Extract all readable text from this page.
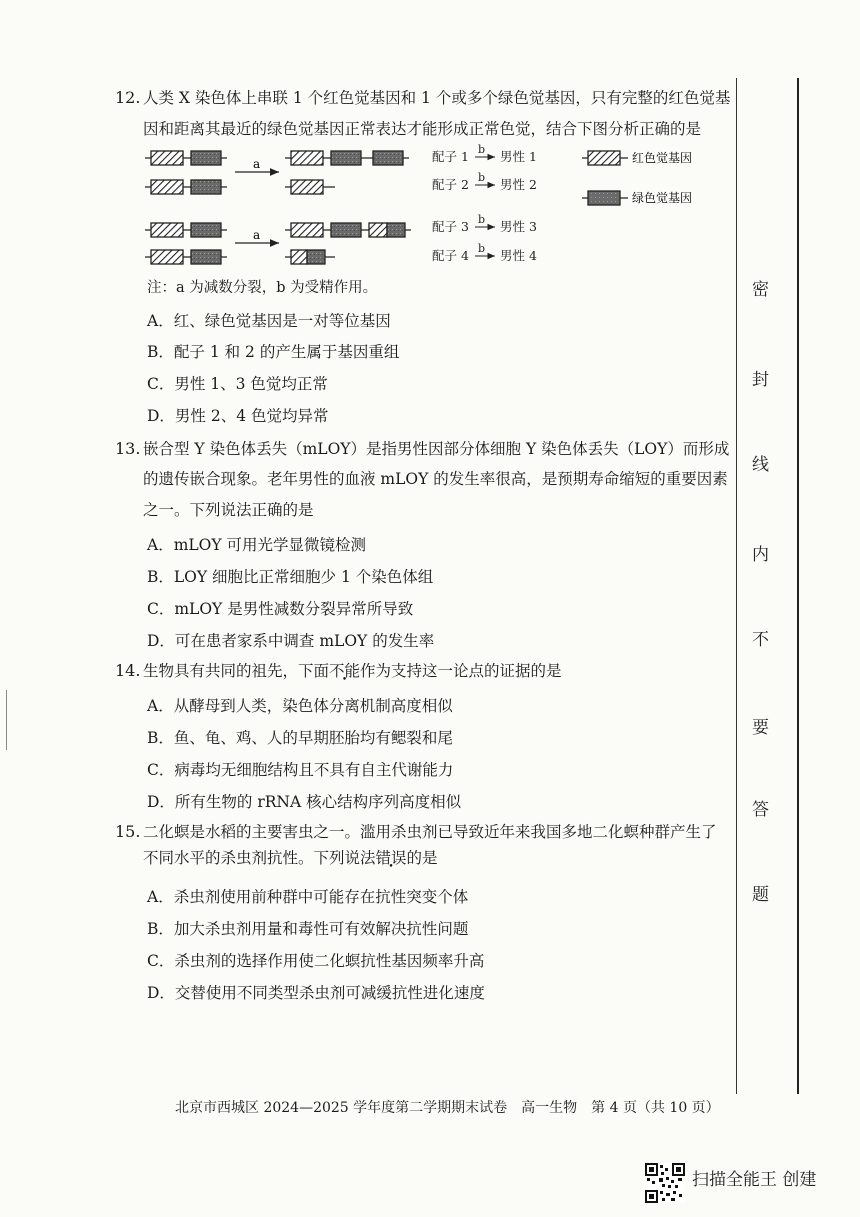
12. 人类 X 染色体上串联 1 个红色觉基因和 1 个或多个绿色觉基因，只有完整的红色觉基
因和距离其最近的绿色觉基因正常表达才能形成正常色觉，结合下图分析正确的是
a
a
配子 1 b 男性 1
配子 2 b 男性 2
配子 3 b 男性 3
配子 4 b 男性 4
红色觉基因
绿色觉基因
注：a 为减数分裂，b 为受精作用。
A．红、绿色觉基因是一对等位基因
B．配子 1 和 2 的产生属于基因重组
C．男性 1、3 色觉均正常
D．男性 2、4 色觉均异常
13. 嵌合型 Y 染色体丢失（mLOY）是指男性因部分体细胞 Y 染色体丢失（LOY）而形成
的遗传嵌合现象。老年男性的血液 mLOY 的发生率很高，是预期寿命缩短的重要因素
之一。下列说法正确的是
A．mLOY 可用光学显微镜检测
B．LOY 细胞比正常细胞少 1 个染色体组
C．mLOY 是男性减数分裂异常所导致
D．可在患者家系中调查 mLOY 的发生率
14. 生物具有共同的祖先，下面不能作为支持这一论点的证据的是
A．从酵母到人类，染色体分离机制高度相似
B．鱼、龟、鸡、人的早期胚胎均有鳃裂和尾
C．病毒均无细胞结构且不具有自主代谢能力
D．所有生物的 rRNA 核心结构序列高度相似
15. 二化螟是水稻的主要害虫之一。滥用杀虫剂已导致近年来我国多地二化螟种群产生了
不同水平的杀虫剂抗性。下列说法错误的是
A．杀虫剂使用前种群中可能存在抗性突变个体
B．加大杀虫剂用量和毒性可有效解决抗性问题
C．杀虫剂的选择作用使二化螟抗性基因频率升高
D．交替使用不同类型杀虫剂可减缓抗性进化速度
密
封
线
内
不
要
答
题
北京市西城区 2024—2025 学年度第二学期期末试卷　高一生物　第 4 页（共 10 页）
扫描全能王 创建
